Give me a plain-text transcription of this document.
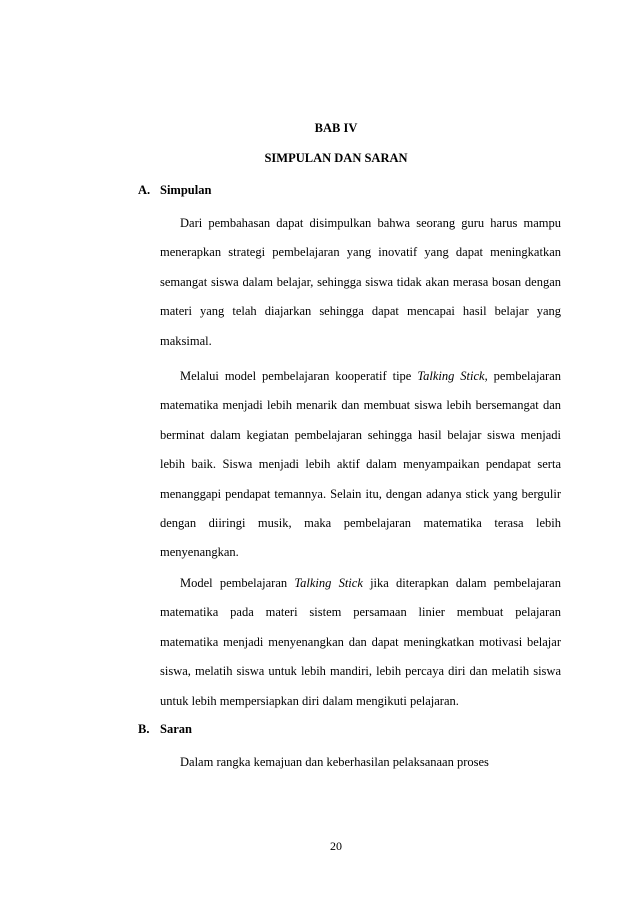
BAB IV
SIMPULAN DAN SARAN
A. Simpulan

Dari pembahasan dapat disimpulkan bahwa seorang guru harus mampu menerapkan strategi pembelajaran yang inovatif yang dapat meningkatkan semangat siswa dalam belajar, sehingga siswa tidak akan merasa bosan dengan materi yang telah diajarkan sehingga dapat mencapai hasil belajar yang maksimal.

Melalui model pembelajaran kooperatif tipe Talking Stick, pembelajaran matematika menjadi lebih menarik dan membuat siswa lebih bersemangat dan berminat dalam kegiatan pembelajaran sehingga hasil belajar siswa menjadi lebih baik. Siswa menjadi lebih aktif dalam menyampaikan pendapat serta menanggapi pendapat temannya. Selain itu, dengan adanya stick yang bergulir dengan diiringi musik, maka pembelajaran matematika terasa lebih menyenangkan.

Model pembelajaran Talking Stick jika diterapkan dalam pembelajaran matematika pada materi sistem persamaan linier membuat pelajaran matematika menjadi menyenangkan dan dapat meningkatkan motivasi belajar siswa, melatih siswa untuk lebih mandiri, lebih percaya diri dan melatih siswa untuk lebih mempersiapkan diri dalam mengikuti pelajaran.

B. Saran

Dalam rangka kemajuan dan keberhasilan pelaksanaan proses

20
